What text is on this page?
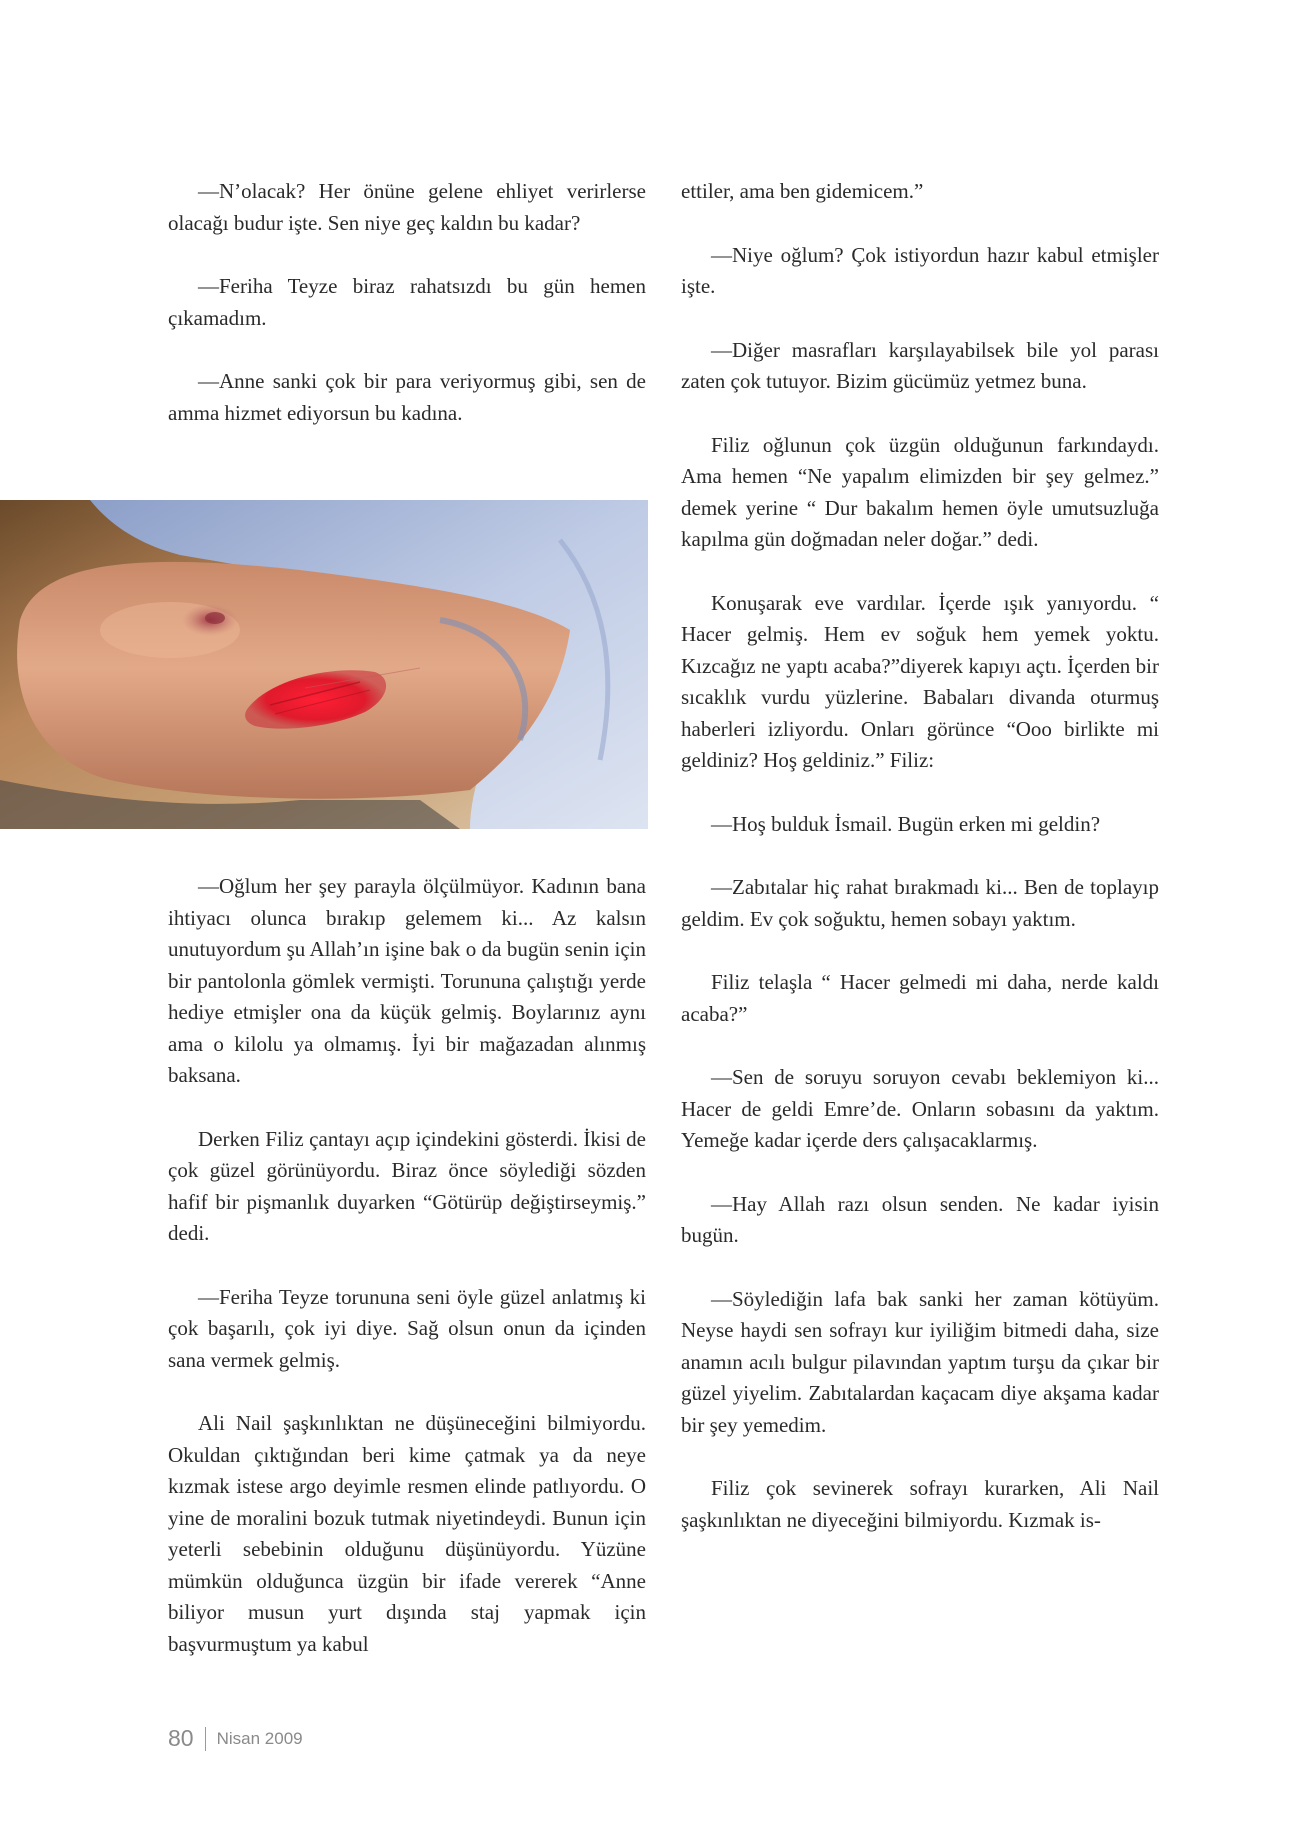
—N’olacak? Her önüne gelene ehliyet verirlerse olacağı budur işte. Sen niye geç kaldın bu kadar?

—Feriha Teyze biraz rahatsızdı bu gün hemen çıkamadım.

—Anne sanki çok bir para veriyormuş gibi, sen de amma hizmet ediyorsun bu kadına.

—Oğlum her şey parayla ölçülmüyor. Kadının bana ihtiyacı olunca bırakıp gelemem ki... Az kalsın unutuyordum şu Allah’ın işine bak o da bugün senin için bir pantolonla gömlek vermişti. Torununa çalıştığı yerde hediye etmişler ona da küçük gelmiş. Boylarınız aynı ama o kilolu ya olmamış. İyi bir mağazadan alınmış baksana.

Derken Filiz çantayı açıp içindekini gösterdi. İkisi de çok güzel görünüyordu. Biraz önce söylediği sözden hafif bir pişmanlık duyarken “Götürüp değiştirseymiş.” dedi.

—Feriha Teyze torununa seni öyle güzel anlatmış ki çok başarılı, çok iyi diye. Sağ olsun onun da içinden sana vermek gelmiş.

Ali Nail şaşkınlıktan ne düşüneceğini bilmiyordu. Okuldan çıktığından beri kime çatmak ya da neye kızmak istese argo deyimle resmen elinde patlıyordu. O yine de moralini bozuk tutmak niyetindeydi. Bunun için yeterli sebebinin olduğunu düşünüyordu. Yüzüne mümkün olduğunca üzgün bir ifade vererek “Anne biliyor musun yurt dışında staj yapmak için başvurmuştum ya kabul

ettiler, ama ben gidemicem.”

—Niye oğlum? Çok istiyordun hazır kabul etmişler işte.

—Diğer masrafları karşılayabilsek bile yol parası zaten çok tutuyor. Bizim gücümüz yetmez buna.

Filiz oğlunun çok üzgün olduğunun farkındaydı. Ama hemen “Ne yapalım elimizden bir şey gelmez.” demek yerine “ Dur bakalım hemen öyle umutsuzluğa kapılma gün doğmadan neler doğar.” dedi.

Konuşarak eve vardılar. İçerde ışık yanıyordu. “ Hacer gelmiş. Hem ev soğuk hem yemek yoktu. Kızcağız ne yaptı acaba?”diyerek kapıyı açtı. İçerden bir sıcaklık vurdu yüzlerine. Babaları divanda oturmuş haberleri izliyordu. Onları görünce “Ooo birlikte mi geldiniz? Hoş geldiniz.” Filiz:

—Hoş bulduk İsmail. Bugün erken mi geldin?

—Zabıtalar hiç rahat bırakmadı ki... Ben de toplayıp geldim. Ev çok soğuktu, hemen sobayı yaktım.

Filiz telaşla “ Hacer gelmedi mi daha, nerde kaldı acaba?”

—Sen de soruyu soruyon cevabı beklemiyon ki... Hacer de geldi Emre’de. Onların sobasını da yaktım. Yemeğe kadar içerde ders çalışacaklarmış.

—Hay Allah razı olsun senden. Ne kadar iyisin bugün.

—Söylediğin lafa bak sanki her zaman kötüyüm. Neyse haydi sen sofrayı kur iyiliğim bitmedi daha, size anamın acılı bulgur pilavından yaptım turşu da çıkar bir güzel yiyelim. Zabıtalardan kaçacam diye akşama kadar bir şey yemedim.

Filiz çok sevinerek sofrayı kurarken, Ali Nail şaşkınlıktan ne diyeceğini bilmiyordu. Kızmak is-

80 Nisan 2009
